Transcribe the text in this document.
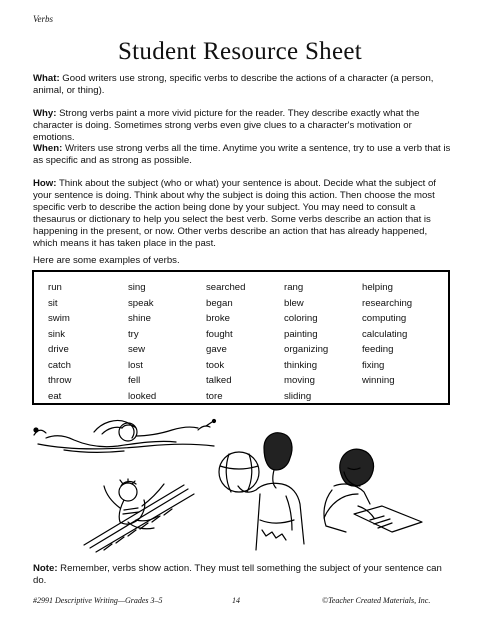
Verbs
Student Resource Sheet
What: Good writers use strong, specific verbs to describe the actions of a character (a person, animal, or thing).
Why: Strong verbs paint a more vivid picture for the reader. They describe exactly what the character is doing. Sometimes strong verbs even give clues to a character's motivation or emotions.
When: Writers use strong verbs all the time. Anytime you write a sentence, try to use a verb that is as specific and as strong as possible.
How: Think about the subject (who or what) your sentence is about. Decide what the subject of your sentence is doing. Think about why the subject is doing this action. Then choose the most specific verb to describe the action being done by your subject. You may need to consult a thesaurus or dictionary to help you select the best verb. Some verbs describe an action that is happening in the present, or now. Other verbs describe an action that has already happened, which means it has taken place in the past.
Here are some examples of verbs.
run
sit
swim
sink
drive
catch
throw
eat
sing
speak
shine
try
sew
lost
fell
looked
searched
began
broke
fought
gave
took
talked
tore
rang
blew
coloring
painting
organizing
thinking
moving
sliding
helping
researching
computing
calculating
feeding
fixing
winning
Note: Remember, verbs show action. They must tell something the subject of your sentence can do.
#2991 Descriptive Writing—Grades 3–5	14	©Teacher Created Materials, Inc.
